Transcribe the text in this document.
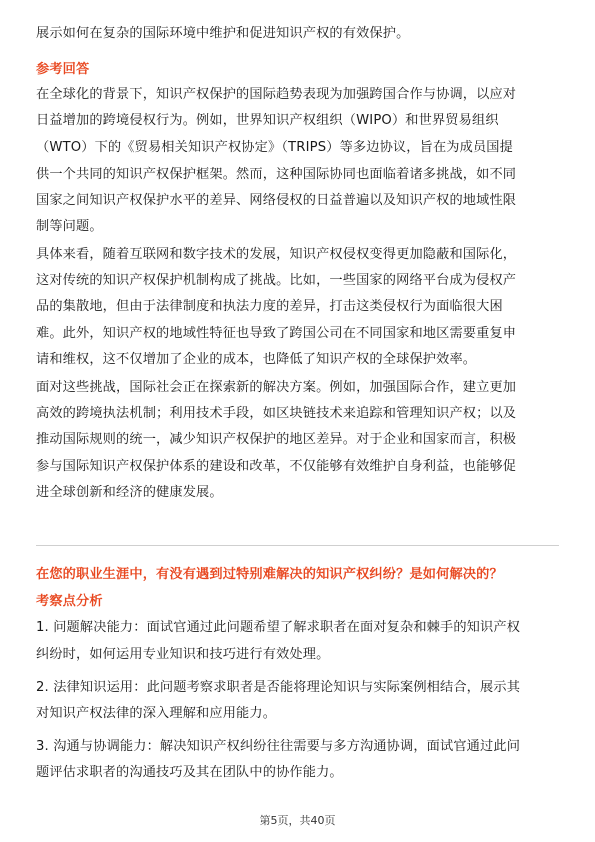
展示如何在复杂的国际环境中维护和促进知识产权的有效保护。
参考回答
在全球化的背景下，知识产权保护的国际趋势表现为加强跨国合作与协调，以应对
日益增加的跨境侵权行为。例如，世界知识产权组织（WIPO）和世界贸易组织
（WTO）下的《贸易相关知识产权协定》（TRIPS）等多边协议，旨在为成员国提
供一个共同的知识产权保护框架。然而，这种国际协同也面临着诸多挑战，如不同
国家之间知识产权保护水平的差异、网络侵权的日益普遍以及知识产权的地域性限
制等问题。
具体来看，随着互联网和数字技术的发展，知识产权侵权变得更加隐蔽和国际化，
这对传统的知识产权保护机制构成了挑战。比如，一些国家的网络平台成为侵权产
品的集散地，但由于法律制度和执法力度的差异，打击这类侵权行为面临很大困
难。此外，知识产权的地域性特征也导致了跨国公司在不同国家和地区需要重复申
请和维权，这不仅增加了企业的成本，也降低了知识产权的全球保护效率。
面对这些挑战，国际社会正在探索新的解决方案。例如，加强国际合作，建立更加
高效的跨境执法机制；利用技术手段，如区块链技术来追踪和管理知识产权；以及
推动国际规则的统一，减少知识产权保护的地区差异。对于企业和国家而言，积极
参与国际知识产权保护体系的建设和改革，不仅能够有效维护自身利益，也能够促
进全球创新和经济的健康发展。
在您的职业生涯中，有没有遇到过特别难解决的知识产权纠纷？是如何解决的？
考察点分析
1. 问题解决能力：面试官通过此问题希望了解求职者在面对复杂和棘手的知识产权
纠纷时，如何运用专业知识和技巧进行有效处理。
2. 法律知识运用：此问题考察求职者是否能将理论知识与实际案例相结合，展示其
对知识产权法律的深入理解和应用能力。
3. 沟通与协调能力：解决知识产权纠纷往往需要与多方沟通协调，面试官通过此问
题评估求职者的沟通技巧及其在团队中的协作能力。
第5页，共40页
